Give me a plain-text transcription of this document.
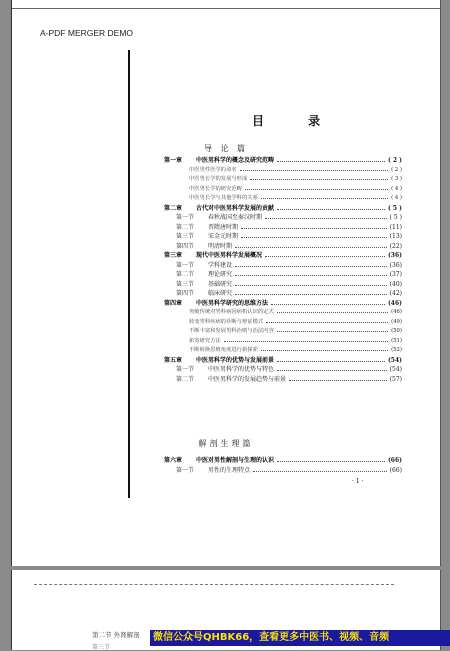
A-PDF MERGER DEMO
目 录
导 论 篇
第一章 中医男科学的概念及研究范畴	( 2 )
中医男性医学的命名	( 2 )
中医男长学的发展与形成	( 3 )
中医男长学的研究范畴	( 4 )
中医男长学与其他学科的关系	( 4 )
第二章 古代对中医男科学发展的贡献	( 5 )
第一节 春秋战国至秦汉时期	( 5 )
第二节 晋隋唐时期	(11)
第三节 宋金元时期	(13)
第四节 明清时期	(22)
第三章 现代中医男科学发展概况	(36)
第一节 学科建设	(36)
第二节 理论研究	(37)
第三节 基础研究	(40)
第四节 临床研究	(42)
第四章 中医男科学研究的思维方法	(46)
突破传统对男科病因病机认识的定式	(46)
转变男科疾病的诊断与辩证模式	(49)
不断丰富和发展男科治则与治法内容	(50)
拓宽研究方法	(51)
不断转换思维角度进行新探索	(52)
第五章 中医男科学的优势与发展前景	(54)
第一节 中医男科学的优势与特色	(54)
第二节 中医男科学的发展趋势与前景	(57)
解剖生理篇
第六章 中医对男性解剖与生理的认识	(66)
第一节 男性的生理特点	(66)
· 1 ·
第二节 外肾解剖
第三节
微信公众号QHBK66，查看更多中医书、视频、音频
